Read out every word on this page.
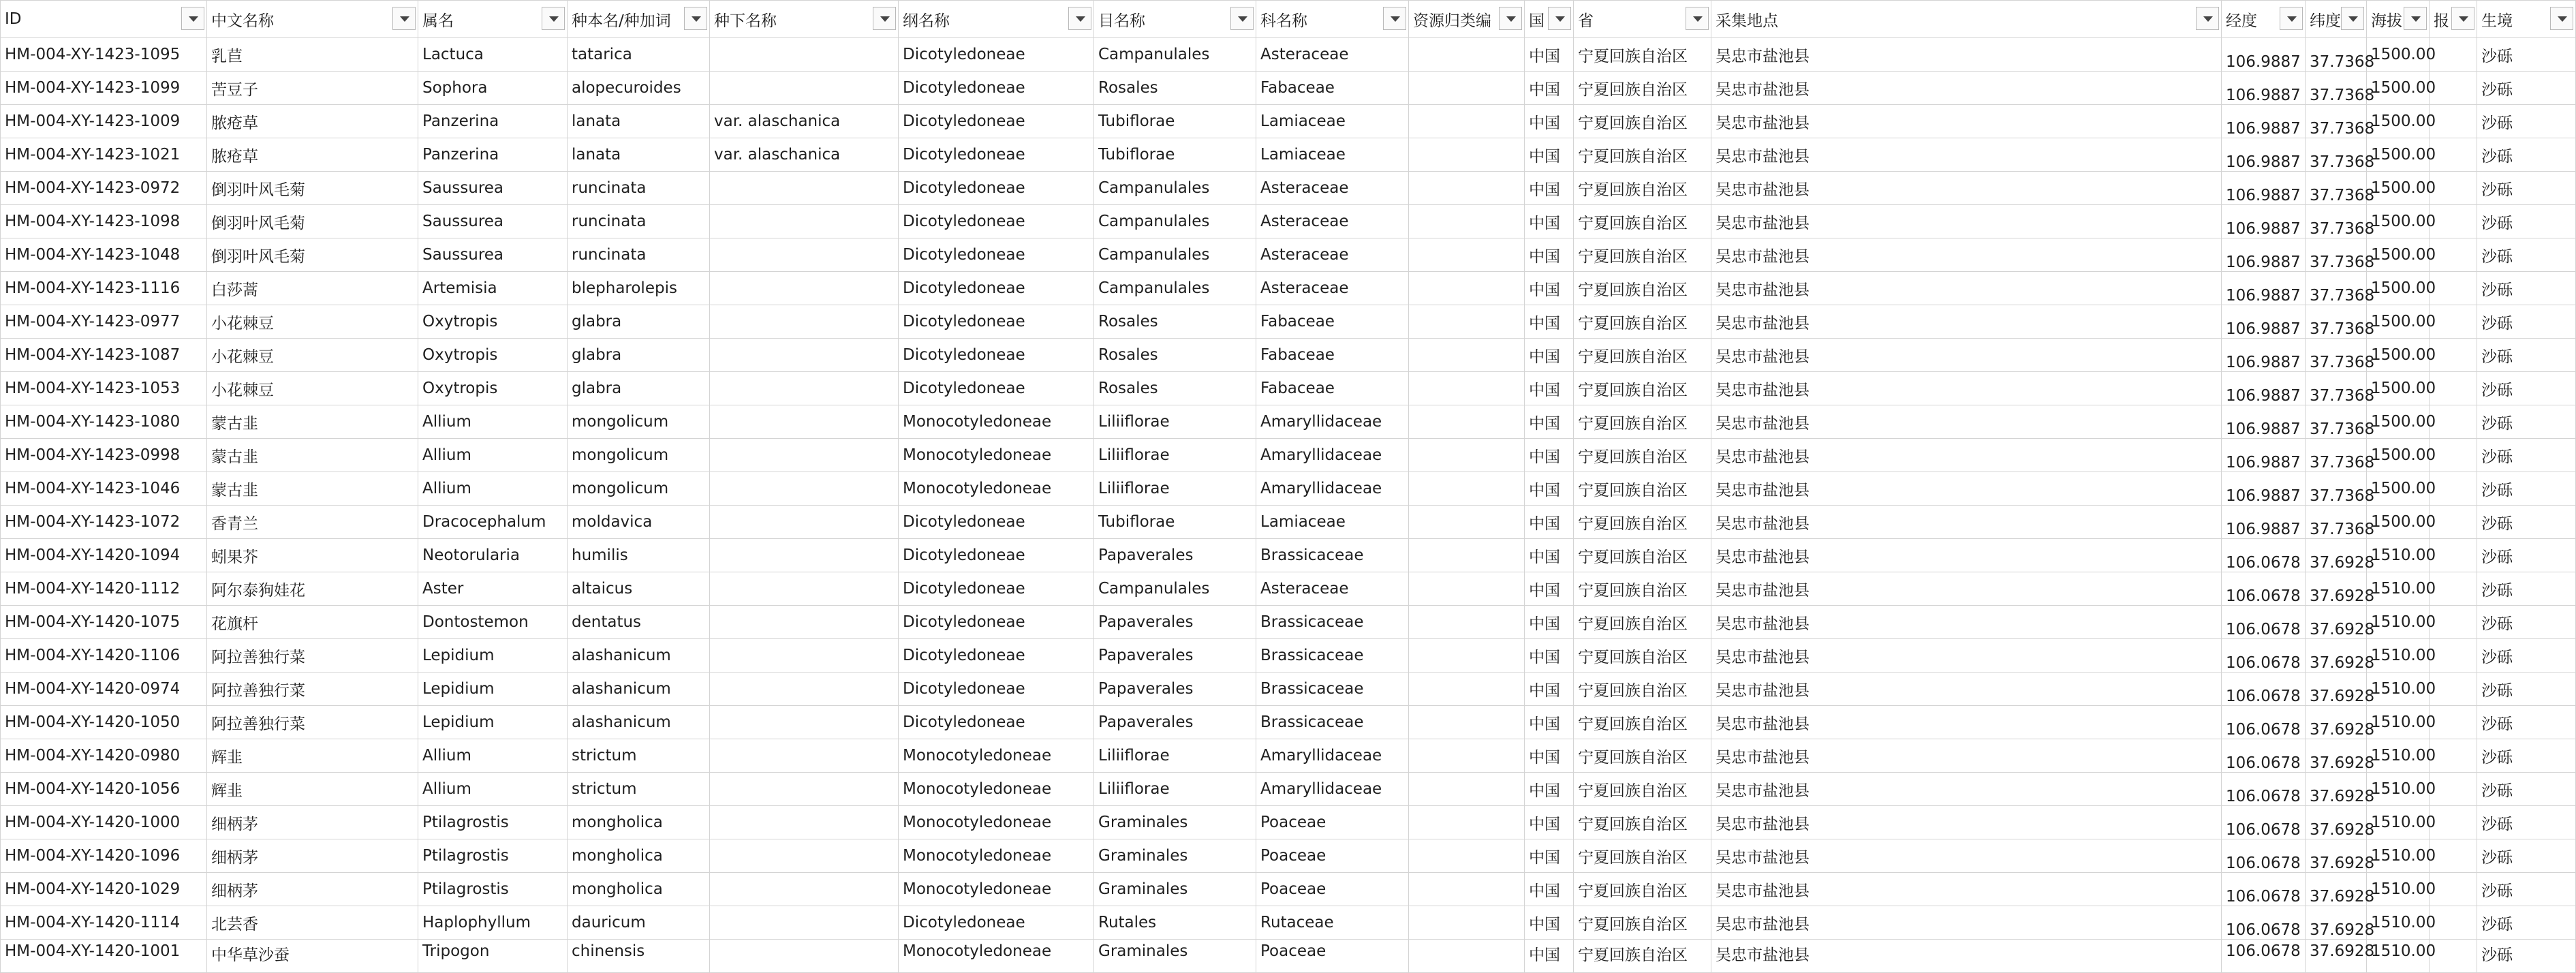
ID	中文名称	属名	种本名/种加词	种下名称	纲名称	目名称	科名称	资源归类编	国	省	采集地点	经度	纬度	海拔	报	生境

HM-004-XY-1423-1095	乳苣	Lactuca	tatarica		Dicotyledoneae	Campanulales	Asteraceae		中国	宁夏回族自治区	吴忠市盐池县	106.9887	37.7368	1500.00		沙砾
HM-004-XY-1423-1099	苦豆子	Sophora	alopecuroides		Dicotyledoneae	Rosales	Fabaceae		中国	宁夏回族自治区	吴忠市盐池县	106.9887	37.7368	1500.00		沙砾
HM-004-XY-1423-1009	脓疮草	Panzerina	lanata	var. alaschanica	Dicotyledoneae	Tubiflorae	Lamiaceae		中国	宁夏回族自治区	吴忠市盐池县	106.9887	37.7368	1500.00		沙砾
HM-004-XY-1423-1021	脓疮草	Panzerina	lanata	var. alaschanica	Dicotyledoneae	Tubiflorae	Lamiaceae		中国	宁夏回族自治区	吴忠市盐池县	106.9887	37.7368	1500.00		沙砾
HM-004-XY-1423-0972	倒羽叶风毛菊	Saussurea	runcinata		Dicotyledoneae	Campanulales	Asteraceae		中国	宁夏回族自治区	吴忠市盐池县	106.9887	37.7368	1500.00		沙砾
HM-004-XY-1423-1098	倒羽叶风毛菊	Saussurea	runcinata		Dicotyledoneae	Campanulales	Asteraceae		中国	宁夏回族自治区	吴忠市盐池县	106.9887	37.7368	1500.00		沙砾
HM-004-XY-1423-1048	倒羽叶风毛菊	Saussurea	runcinata		Dicotyledoneae	Campanulales	Asteraceae		中国	宁夏回族自治区	吴忠市盐池县	106.9887	37.7368	1500.00		沙砾
HM-004-XY-1423-1116	白莎蒿	Artemisia	blepharolepis		Dicotyledoneae	Campanulales	Asteraceae		中国	宁夏回族自治区	吴忠市盐池县	106.9887	37.7368	1500.00		沙砾
HM-004-XY-1423-0977	小花棘豆	Oxytropis	glabra		Dicotyledoneae	Rosales	Fabaceae		中国	宁夏回族自治区	吴忠市盐池县	106.9887	37.7368	1500.00		沙砾
HM-004-XY-1423-1087	小花棘豆	Oxytropis	glabra		Dicotyledoneae	Rosales	Fabaceae		中国	宁夏回族自治区	吴忠市盐池县	106.9887	37.7368	1500.00		沙砾
HM-004-XY-1423-1053	小花棘豆	Oxytropis	glabra		Dicotyledoneae	Rosales	Fabaceae		中国	宁夏回族自治区	吴忠市盐池县	106.9887	37.7368	1500.00		沙砾
HM-004-XY-1423-1080	蒙古韭	Allium	mongolicum		Monocotyledoneae	Liliiflorae	Amaryllidaceae		中国	宁夏回族自治区	吴忠市盐池县	106.9887	37.7368	1500.00		沙砾
HM-004-XY-1423-0998	蒙古韭	Allium	mongolicum		Monocotyledoneae	Liliiflorae	Amaryllidaceae		中国	宁夏回族自治区	吴忠市盐池县	106.9887	37.7368	1500.00		沙砾
HM-004-XY-1423-1046	蒙古韭	Allium	mongolicum		Monocotyledoneae	Liliiflorae	Amaryllidaceae		中国	宁夏回族自治区	吴忠市盐池县	106.9887	37.7368	1500.00		沙砾
HM-004-XY-1423-1072	香青兰	Dracocephalum	moldavica		Dicotyledoneae	Tubiflorae	Lamiaceae		中国	宁夏回族自治区	吴忠市盐池县	106.9887	37.7368	1500.00		沙砾
HM-004-XY-1420-1094	蚓果芥	Neotorularia	humilis		Dicotyledoneae	Papaverales	Brassicaceae		中国	宁夏回族自治区	吴忠市盐池县	106.0678	37.6928	1510.00		沙砾
HM-004-XY-1420-1112	阿尔泰狗娃花	Aster	altaicus		Dicotyledoneae	Campanulales	Asteraceae		中国	宁夏回族自治区	吴忠市盐池县	106.0678	37.6928	1510.00		沙砾
HM-004-XY-1420-1075	花旗杆	Dontostemon	dentatus		Dicotyledoneae	Papaverales	Brassicaceae		中国	宁夏回族自治区	吴忠市盐池县	106.0678	37.6928	1510.00		沙砾
HM-004-XY-1420-1106	阿拉善独行菜	Lepidium	alashanicum		Dicotyledoneae	Papaverales	Brassicaceae		中国	宁夏回族自治区	吴忠市盐池县	106.0678	37.6928	1510.00		沙砾
HM-004-XY-1420-0974	阿拉善独行菜	Lepidium	alashanicum		Dicotyledoneae	Papaverales	Brassicaceae		中国	宁夏回族自治区	吴忠市盐池县	106.0678	37.6928	1510.00		沙砾
HM-004-XY-1420-1050	阿拉善独行菜	Lepidium	alashanicum		Dicotyledoneae	Papaverales	Brassicaceae		中国	宁夏回族自治区	吴忠市盐池县	106.0678	37.6928	1510.00		沙砾
HM-004-XY-1420-0980	辉韭	Allium	strictum		Monocotyledoneae	Liliiflorae	Amaryllidaceae		中国	宁夏回族自治区	吴忠市盐池县	106.0678	37.6928	1510.00		沙砾
HM-004-XY-1420-1056	辉韭	Allium	strictum		Monocotyledoneae	Liliiflorae	Amaryllidaceae		中国	宁夏回族自治区	吴忠市盐池县	106.0678	37.6928	1510.00		沙砾
HM-004-XY-1420-1000	细柄茅	Ptilagrostis	mongholica		Monocotyledoneae	Graminales	Poaceae		中国	宁夏回族自治区	吴忠市盐池县	106.0678	37.6928	1510.00		沙砾
HM-004-XY-1420-1096	细柄茅	Ptilagrostis	mongholica		Monocotyledoneae	Graminales	Poaceae		中国	宁夏回族自治区	吴忠市盐池县	106.0678	37.6928	1510.00		沙砾
HM-004-XY-1420-1029	细柄茅	Ptilagrostis	mongholica		Monocotyledoneae	Graminales	Poaceae		中国	宁夏回族自治区	吴忠市盐池县	106.0678	37.6928	1510.00		沙砾
HM-004-XY-1420-1114	北芸香	Haplophyllum	dauricum		Dicotyledoneae	Rutales	Rutaceae		中国	宁夏回族自治区	吴忠市盐池县	106.0678	37.6928	1510.00		沙砾
HM-004-XY-1420-1001	中华草沙蚕	Tripogon	chinensis		Monocotyledoneae	Graminales	Poaceae		中国	宁夏回族自治区	吴忠市盐池县	106.0678	37.6928	1510.00		沙砾
